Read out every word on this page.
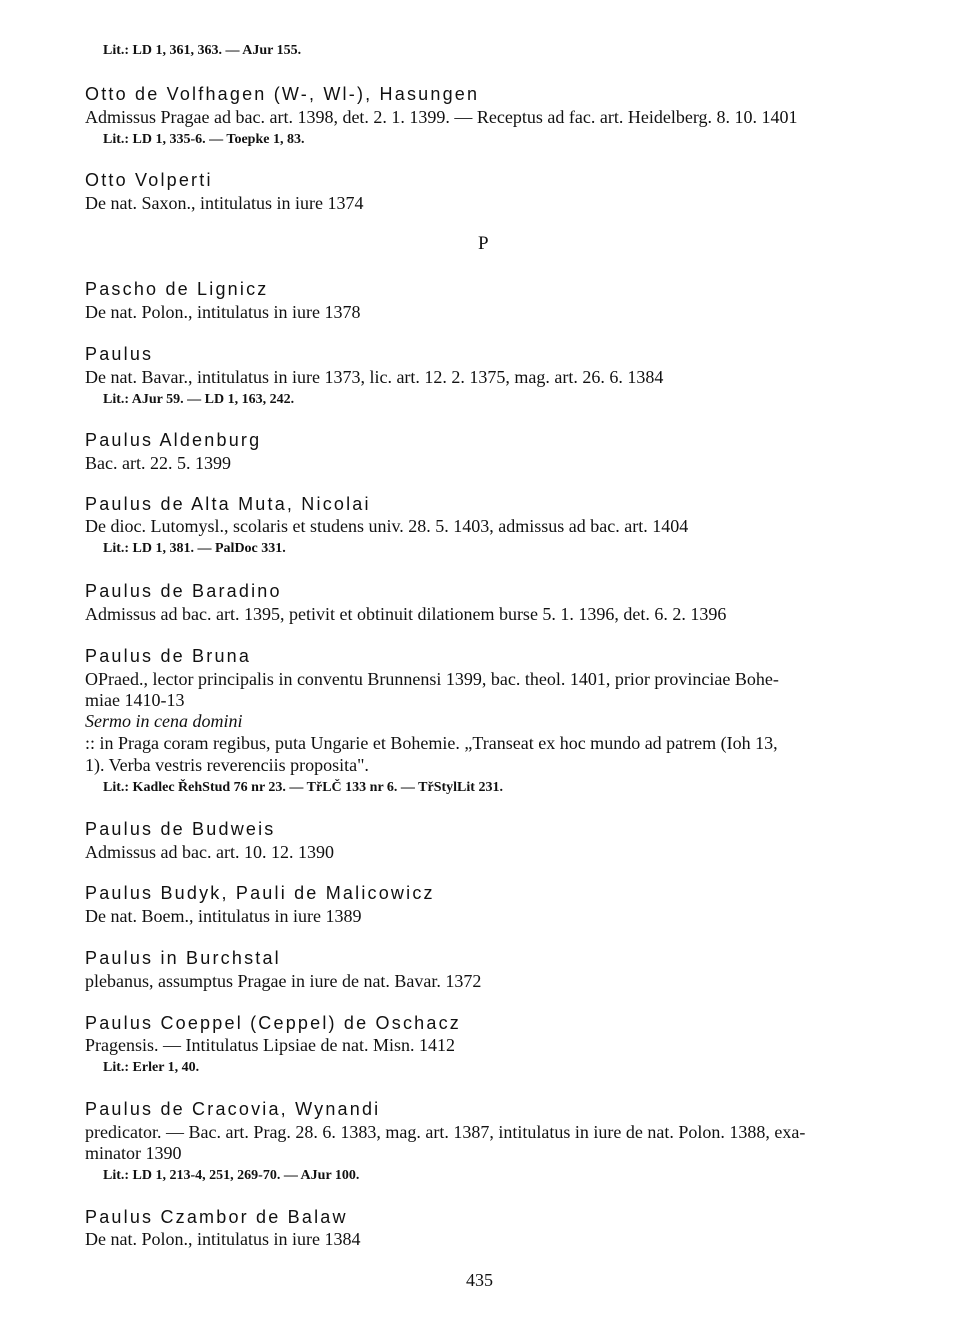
Lit.: LD 1, 361, 363. — AJur 155.
Otto de Volfhagen (W-, Wl-), Hasungen
Admissus Pragae ad bac. art. 1398, det. 2. 1. 1399. — Receptus ad fac. art. Heidelberg. 8. 10. 1401
Lit.: LD 1, 335-6. — Toepke 1, 83.
Otto Volperti
De nat. Saxon., intitulatus in iure 1374
P
Pascho de Lignicz
De nat. Polon., intitulatus in iure 1378
Paulus
De nat. Bavar., intitulatus in iure 1373, lic. art. 12. 2. 1375, mag. art. 26. 6. 1384
Lit.: AJur 59. — LD 1, 163, 242.
Paulus Aldenburg
Bac. art. 22. 5. 1399
Paulus de Alta Muta, Nicolai
De dioc. Lutomysl., scolaris et studens univ. 28. 5. 1403, admissus ad bac. art. 1404
Lit.: LD 1, 381. — PalDoc 331.
Paulus de Baradino
Admissus ad bac. art. 1395, petivit et obtinuit dilationem burse 5. 1. 1396, det. 6. 2. 1396
Paulus de Bruna
OPraed., lector principalis in conventu Brunnensi 1399, bac. theol. 1401, prior provinciae Bohe-
miae 1410-13
Sermo in cena domini
:: in Praga coram regibus, puta Ungarie et Bohemie. „Transeat ex hoc mundo ad patrem (Ioh 13,
1). Verba vestris reverenciis proposita".
Lit.: Kadlec ŘehStud 76 nr 23. — TřLČ 133 nr 6. — TřStylLit 231.
Paulus de Budweis
Admissus ad bac. art. 10. 12. 1390
Paulus Budyk, Pauli de Malicowicz
De nat. Boem., intitulatus in iure 1389
Paulus in Burchstal
plebanus, assumptus Pragae in iure de nat. Bavar. 1372
Paulus Coeppel (Ceppel) de Oschacz
Pragensis. — Intitulatus Lipsiae de nat. Misn. 1412
Lit.: Erler 1, 40.
Paulus de Cracovia, Wynandi
predicator. — Bac. art. Prag. 28. 6. 1383, mag. art. 1387, intitulatus in iure de nat. Polon. 1388, exa-
minator 1390
Lit.: LD 1, 213-4, 251, 269-70. — AJur 100.
Paulus Czambor de Balaw
De nat. Polon., intitulatus in iure 1384
435
